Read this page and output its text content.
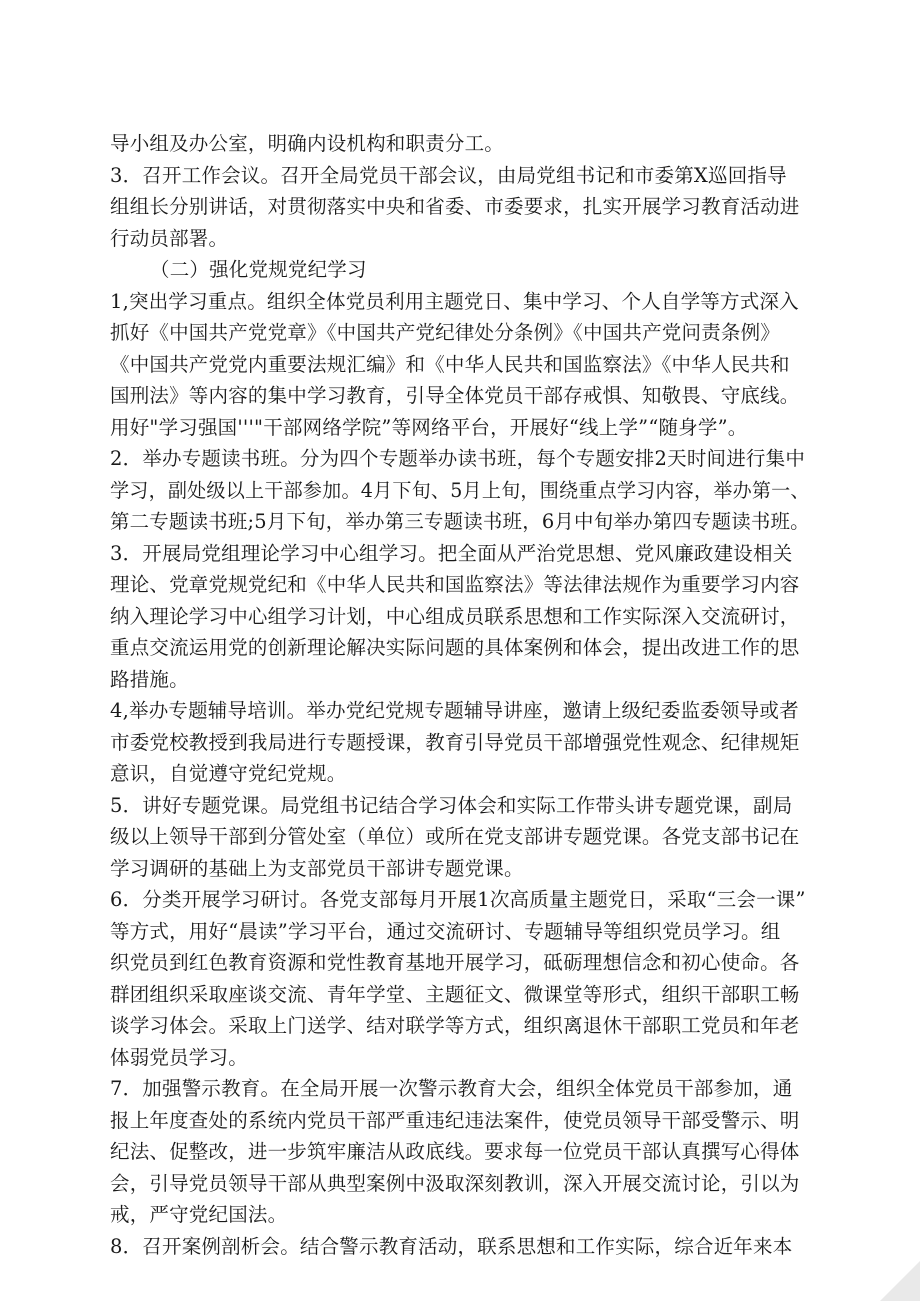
导小组及办公室，明确内设机构和职责分工。
3．召开工作会议。召开全局党员干部会议，由局党组书记和市委第X巡回指导
组组长分别讲话，对贯彻落实中央和省委、市委要求，扎实开展学习教育活动进
行动员部署。
（二）强化党规党纪学习
1,突出学习重点。组织全体党员利用主题党日、集中学习、个人自学等方式深入
抓好《中国共产党党章》《中国共产党纪律处分条例》《中国共产党问责条例》
《中国共产党党内重要法规汇编》和《中华人民共和国监察法》《中华人民共和
国刑法》等内容的集中学习教育，引导全体党员干部存戒惧、知敬畏、守底线。
用好"学习强国'''"干部网络学院”等网络平台，开展好“线上学”“随身学”。
2．举办专题读书班。分为四个专题举办读书班，每个专题安排2天时间进行集中
学习，副处级以上干部参加。4月下旬、5月上旬，围绕重点学习内容，举办第一、
第二专题读书班;5月下旬，举办第三专题读书班，6月中旬举办第四专题读书班。
3．开展局党组理论学习中心组学习。把全面从严治党思想、党风廉政建设相关
理论、党章党规党纪和《中华人民共和国监察法》等法律法规作为重要学习内容
纳入理论学习中心组学习计划，中心组成员联系思想和工作实际深入交流研讨，
重点交流运用党的创新理论解决实际问题的具体案例和体会，提出改进工作的思
路措施。
4,举办专题辅导培训。举办党纪党规专题辅导讲座，邀请上级纪委监委领导或者
市委党校教授到我局进行专题授课，教育引导党员干部增强党性观念、纪律规矩
意识，自觉遵守党纪党规。
5．讲好专题党课。局党组书记结合学习体会和实际工作带头讲专题党课，副局
级以上领导干部到分管处室（单位）或所在党支部讲专题党课。各党支部书记在
学习调研的基础上为支部党员干部讲专题党课。
6．分类开展学习研讨。各党支部每月开展1次高质量主题党日，采取“三会一课”
等方式，用好“晨读”学习平台，通过交流研讨、专题辅导等组织党员学习。组
织党员到红色教育资源和党性教育基地开展学习，砥砺理想信念和初心使命。各
群团组织采取座谈交流、青年学堂、主题征文、微课堂等形式，组织干部职工畅
谈学习体会。采取上门送学、结对联学等方式，组织离退休干部职工党员和年老
体弱党员学习。
7．加强警示教育。在全局开展一次警示教育大会，组织全体党员干部参加，通
报上年度查处的系统内党员干部严重违纪违法案件，使党员领导干部受警示、明
纪法、促整改，进一步筑牢廉洁从政底线。要求每一位党员干部认真撰写心得体
会，引导党员领导干部从典型案例中汲取深刻教训，深入开展交流讨论，引以为
戒，严守党纪国法。
8．召开案例剖析会。结合警示教育活动，联系思想和工作实际，综合近年来本
